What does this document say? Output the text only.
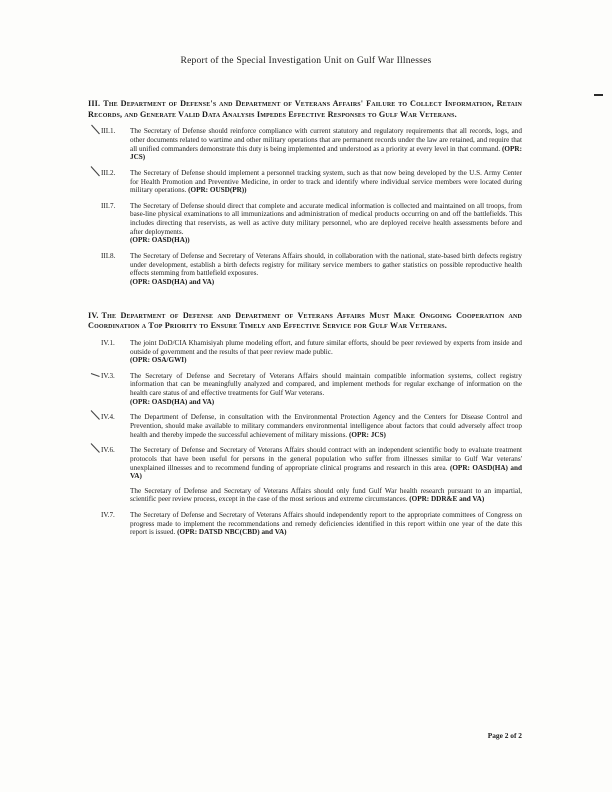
Report of the Special Investigation Unit on Gulf War Illnesses

III. The Department of Defense's and Department of Veterans Affairs' Failure to Collect Information, Retain Records, and Generate Valid Data Analysis Impedes Effective Responses to Gulf War Veterans.

III.1.	The Secretary of Defense should reinforce compliance with current statutory and regulatory requirements that all records, logs, and other documents related to wartime and other military operations that are permanent records under the law are retained, and require that all unified commanders demonstrate this duty is being implemented and understood as a priority at every level in that command. (OPR: JCS)
III.2.	The Secretary of Defense should implement a personnel tracking system, such as that now being developed by the U.S. Army Center for Health Promotion and Preventive Medicine, in order to track and identify where individual service members were located during military operations. (OPR: OUSD(PR))
III.7.	The Secretary of Defense should direct that complete and accurate medical information is collected and maintained on all troops, from base-line physical examinations to all immunizations and administration of medical products occurring on and off the battlefields. This includes directing that reservists, as well as active duty military personnel, who are deployed receive health assessments before and after deployments.
(OPR: OASD(HA))
III.8.	The Secretary of Defense and Secretary of Veterans Affairs should, in collaboration with the national, state-based birth defects registry under development, establish a birth defects registry for military service members to gather statistics on possible reproductive health effects stemming from battlefield exposures.
(OPR: OASD(HA) and VA)

IV. The Department of Defense and Department of Veterans Affairs Must Make Ongoing Cooperation and Coordination a Top Priority to Ensure Timely and Effective Service for Gulf War Veterans.

IV.1.	The joint DoD/CIA Khamisiyah plume modeling effort, and future similar efforts, should be peer reviewed by experts from inside and outside of government and the results of that peer review made public.
(OPR: OSA/GWI)
IV.3.	The Secretary of Defense and Secretary of Veterans Affairs should maintain compatible information systems, collect registry information that can be meaningfully analyzed and compared, and implement methods for regular exchange of information on the health care status of and effective treatments for Gulf War veterans.
(OPR: OASD(HA) and VA)
IV.4.	The Department of Defense, in consultation with the Environmental Protection Agency and the Centers for Disease Control and Prevention, should make available to military commanders environmental intelligence about factors that could adversely affect troop health and thereby impede the successful achievement of military missions. (OPR: JCS)
IV.6.	The Secretary of Defense and Secretary of Veterans Affairs should contract with an independent scientific body to evaluate treatment protocols that have been useful for persons in the general population who suffer from illnesses similar to Gulf War veterans' unexplained illnesses and to recommend funding of appropriate clinical programs and research in this area. (OPR: OASD(HA) and VA)

The Secretary of Defense and Secretary of Veterans Affairs should only fund Gulf War health research pursuant to an impartial, scientific peer review process, except in the case of the most serious and extreme circumstances. (OPR: DDR&E and VA)

IV.7.	The Secretary of Defense and Secretary of Veterans Affairs should independently report to the appropriate committees of Congress on progress made to implement the recommendations and remedy deficiencies identified in this report within one year of the date this report is issued. (OPR: DATSD NBC(CBD) and VA)
Page 2 of 2
